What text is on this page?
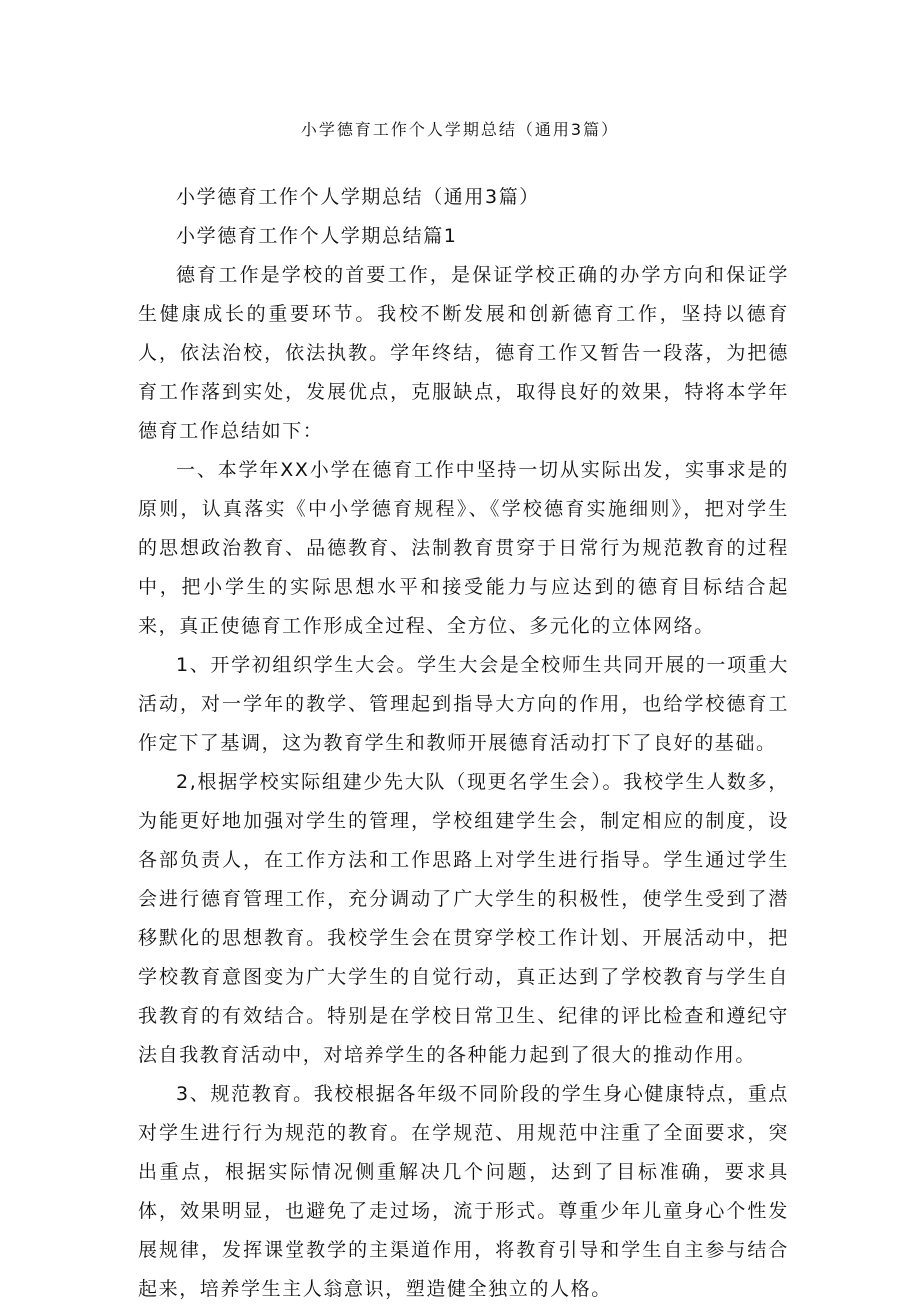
小学德育工作个人学期总结（通用3篇）

小学德育工作个人学期总结（通用3篇）

小学德育工作个人学期总结篇1

德育工作是学校的首要工作，是保证学校正确的办学方向和保证学生健康成长的重要环节。我校不断发展和创新德育工作，坚持以德育人，依法治校，依法执教。学年终结，德育工作又暂告一段落，为把德育工作落到实处，发展优点，克服缺点，取得良好的效果，特将本学年德育工作总结如下：

一、本学年XX小学在德育工作中坚持一切从实际出发，实事求是的原则，认真落实《中小学德育规程》、《学校德育实施细则》，把对学生的思想政治教育、品德教育、法制教育贯穿于日常行为规范教育的过程中，把小学生的实际思想水平和接受能力与应达到的德育目标结合起来，真正使德育工作形成全过程、全方位、多元化的立体网络。

1、开学初组织学生大会。学生大会是全校师生共同开展的一项重大活动，对一学年的教学、管理起到指导大方向的作用，也给学校德育工作定下了基调，这为教育学生和教师开展德育活动打下了良好的基础。

2,根据学校实际组建少先大队（现更名学生会）。我校学生人数多，为能更好地加强对学生的管理，学校组建学生会，制定相应的制度，设各部负责人，在工作方法和工作思路上对学生进行指导。学生通过学生会进行德育管理工作，充分调动了广大学生的积极性，使学生受到了潜移默化的思想教育。我校学生会在贯穿学校工作计划、开展活动中，把学校教育意图变为广大学生的自觉行动，真正达到了学校教育与学生自我教育的有效结合。特别是在学校日常卫生、纪律的评比检查和遵纪守法自我教育活动中，对培养学生的各种能力起到了很大的推动作用。

3、规范教育。我校根据各年级不同阶段的学生身心健康特点，重点对学生进行行为规范的教育。在学规范、用规范中注重了全面要求，突出重点，根据实际情况侧重解决几个问题，达到了目标准确，要求具体，效果明显，也避免了走过场，流于形式。尊重少年儿童身心个性发展规律，发挥课堂教学的主渠道作用，将教育引导和学生自主参与结合起来，培养学生主人翁意识，塑造健全独立的人格。
